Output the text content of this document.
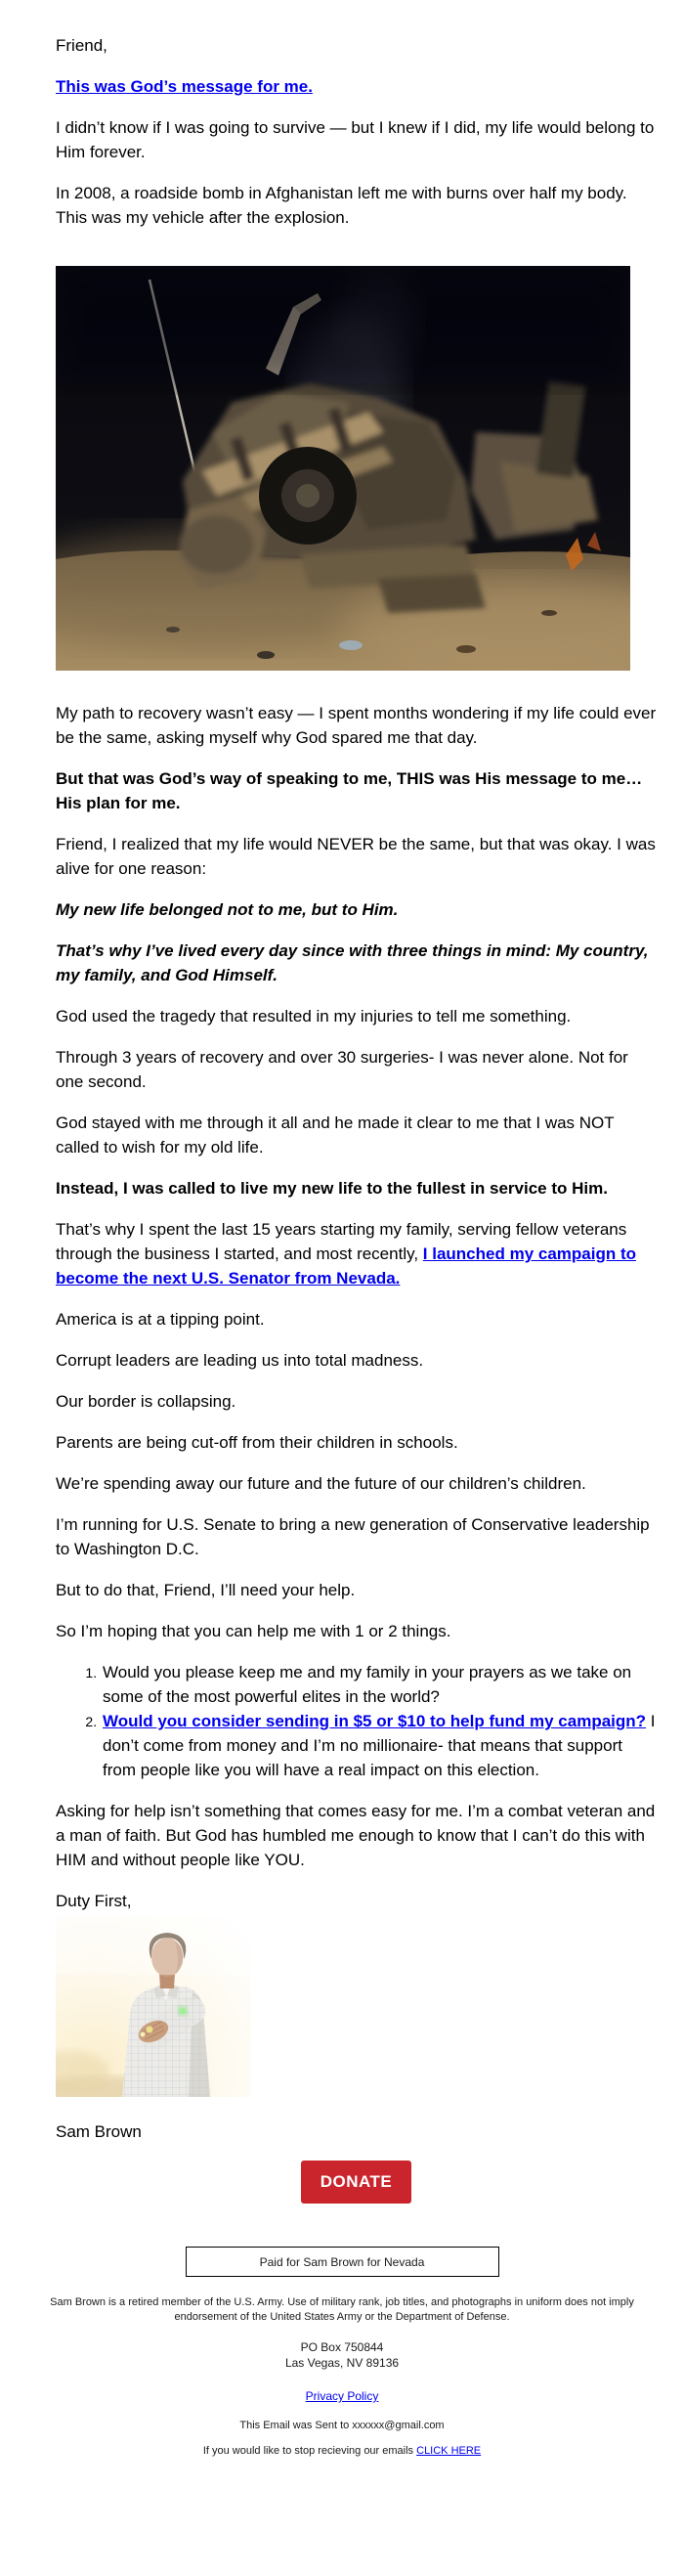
Friend,

This was God’s message for me.

I didn’t know if I was going to survive — but I knew if I did, my life would belong to Him forever.

In 2008, a roadside bomb in Afghanistan left me with burns over half my body. This was my vehicle after the explosion.

My path to recovery wasn’t easy — I spent months wondering if my life could ever be the same, asking myself why God spared me that day.

But that was God’s way of speaking to me, THIS was His message to me…His plan for me.

Friend, I realized that my life would NEVER be the same, but that was okay. I was alive for one reason:

My new life belonged not to me, but to Him.

That’s why I’ve lived every day since with three things in mind: My country, my family, and God Himself.

God used the tragedy that resulted in my injuries to tell me something.

Through 3 years of recovery and over 30 surgeries- I was never alone. Not for one second.

God stayed with me through it all and he made it clear to me that I was NOT called to wish for my old life.

Instead, I was called to live my new life to the fullest in service to Him.

That’s why I spent the last 15 years starting my family, serving fellow veterans through the business I started, and most recently, I launched my campaign to become the next U.S. Senator from Nevada.

America is at a tipping point.

Corrupt leaders are leading us into total madness.

Our border is collapsing.

Parents are being cut-off from their children in schools.

We’re spending away our future and the future of our children’s children.

I’m running for U.S. Senate to bring a new generation of Conservative leadership to Washington D.C.

But to do that, Friend, I’ll need your help.

So I’m hoping that you can help me with 1 or 2 things.

1. Would you please keep me and my family in your prayers as we take on some of the most powerful elites in the world?
2. Would you consider sending in $5 or $10 to help fund my campaign? I don’t come from money and I’m no millionaire- that means that support from people like you will have a real impact on this election.

Asking for help isn’t something that comes easy for me. I’m a combat veteran and a man of faith. But God has humbled me enough to know that I can’t do this with HIM and without people like YOU.

Duty First,

Sam Brown

DONATE
Paid for Sam Brown for Nevada
Sam Brown is a retired member of the U.S. Army. Use of military rank, job titles, and photographs in uniform does not imply endorsement of the United States Army or the Department of Defense.
PO Box 750844
Las Vegas, NV 89136
Privacy Policy
This Email was Sent to xxxxxx@gmail.com
If you would like to stop recieving our emails CLICK HERE
